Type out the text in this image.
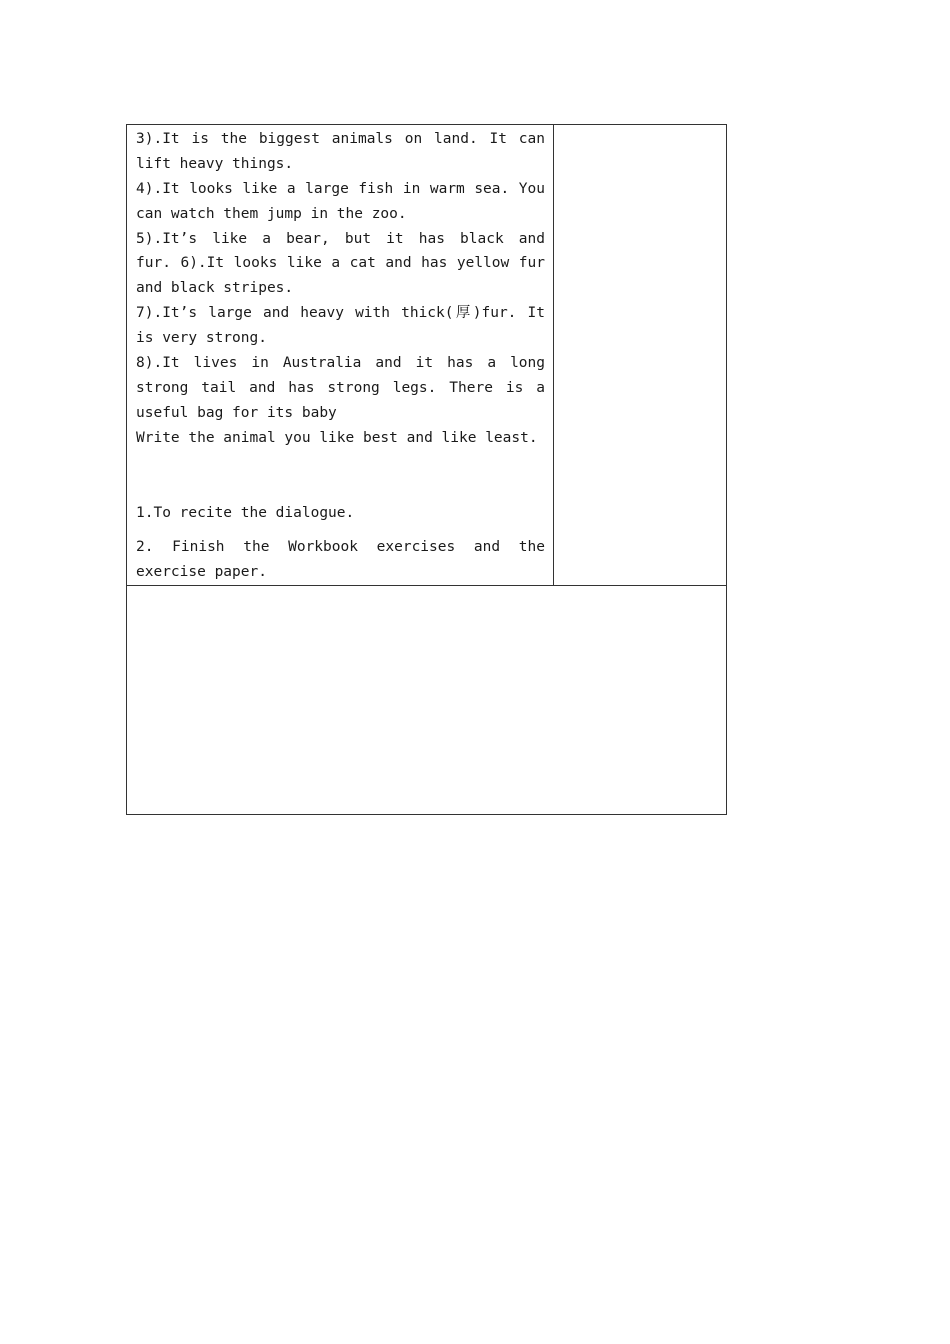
3).It is the biggest animals on land. It can
lift heavy things.
4).It looks like a large fish in warm sea. You
can watch them jump in the zoo.
5).It’s like a bear, but it has black and
fur. 6).It looks like a cat and has yellow fur
and black stripes.
7).It’s large and heavy with thick(厚)fur. It
is very strong.
8).It lives in Australia and it has a long
strong tail and has strong legs. There is a
useful bag for its baby
Write the animal you like best and like least.
1.To recite the dialogue.
2. Finish the Workbook exercises and the
exercise paper.
